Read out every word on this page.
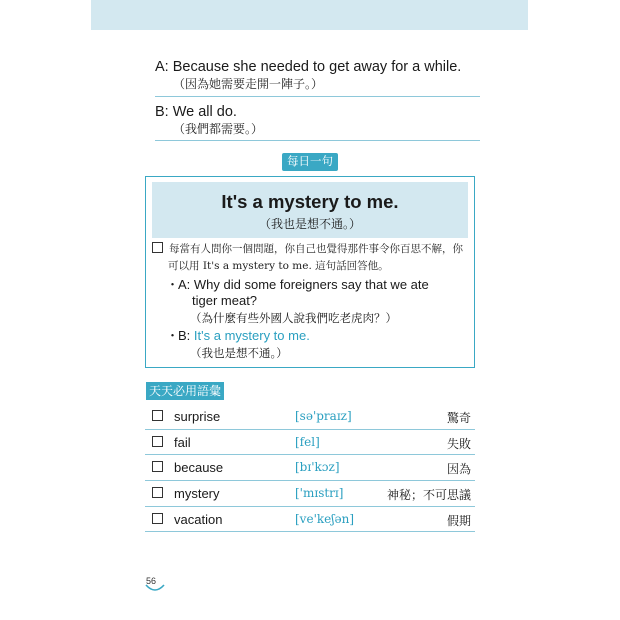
A: Because she needed to get away for a while.
（因為她需要走開一陣子。）
B: We all do.
（我們都需要。）
每日一句
It's a mystery to me.
（我也是想不通。）
每當有人問你一個問題，你自己也覺得那件事令你百思不解，你
可以用 It's a mystery to me. 這句話回答他。
・A: Why did some foreigners say that we ate
tiger meat?
（為什麼有些外國人說我們吃老虎肉？）
・B: It's a mystery to me.
（我也是想不通。）
天天必用語彙
surprise	[sə'praɪz]	驚奇
fail	[fel]	失敗
because	[bɪ'kɔz]	因為
mystery	['mɪstrɪ]	神秘；不可思議
vacation	[ve'keʃən]	假期
56
